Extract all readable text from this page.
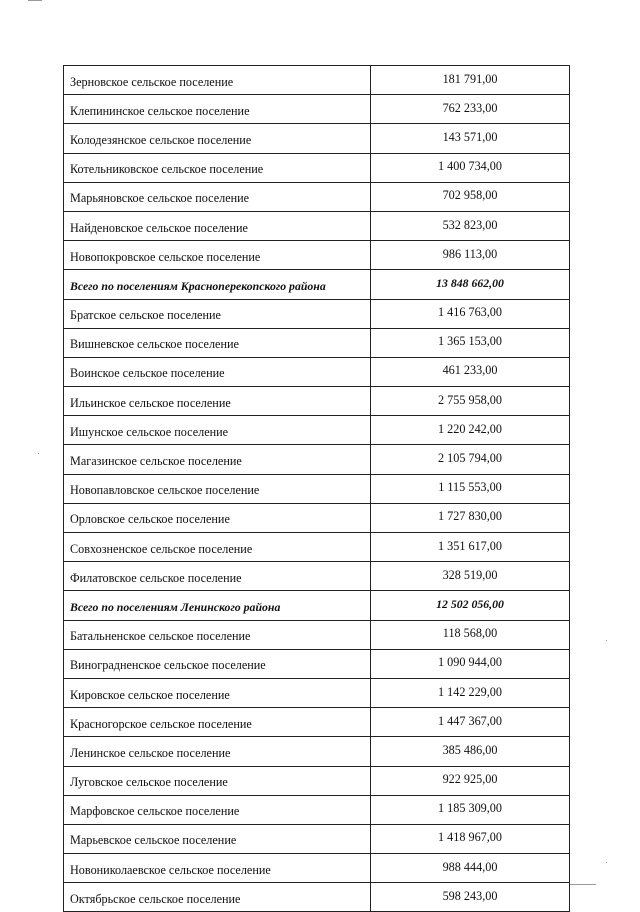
Зерновское сельское поселение	181 791,00
Клепининское сельское поселение	762 233,00
Колодезянское сельское поселение	143 571,00
Котельниковское сельское поселение	1 400 734,00
Марьяновское сельское поселение	702 958,00
Найденовское сельское поселение	532 823,00
Новопокровское сельское поселение	986 113,00
Всего по поселениям Красноперекопского района	13 848 662,00
Братское сельское поселение	1 416 763,00
Вишневское сельское поселение	1 365 153,00
Воинское сельское поселение	461 233,00
Ильинское сельское поселение	2 755 958,00
Ишунское сельское поселение	1 220 242,00
Магазинское сельское поселение	2 105 794,00
Новопавловское сельское поселение	1 115 553,00
Орловское сельское поселение	1 727 830,00
Совхозненское сельское поселение	1 351 617,00
Филатовское сельское поселение	328 519,00
Всего по поселениям Ленинского района	12 502 056,00
Батальненское сельское поселение	118 568,00
Виноградненское сельское поселение	1 090 944,00
Кировское сельское поселение	1 142 229,00
Красногорское сельское поселение	1 447 367,00
Ленинское сельское поселение	385 486,00
Луговское сельское поселение	922 925,00
Марфовское сельское поселение	1 185 309,00
Марьевское сельское поселение	1 418 967,00
Новониколаевское сельское поселение	988 444,00
Октябрьское сельское поселение	598 243,00
